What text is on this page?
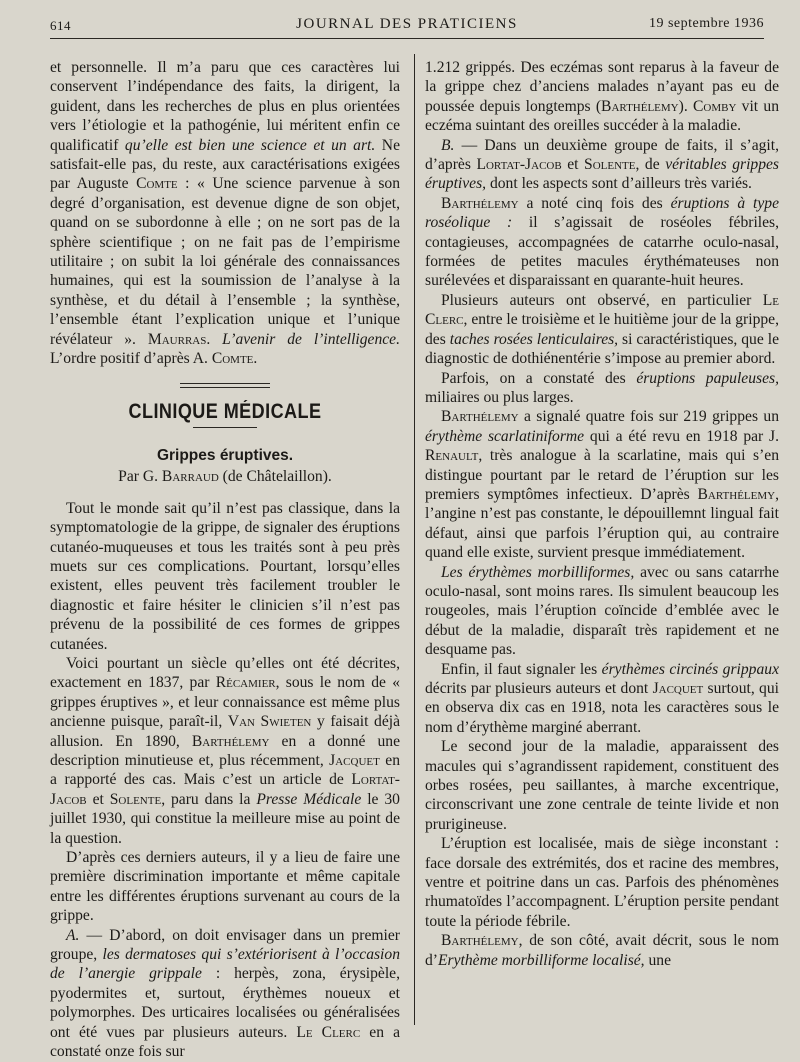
614	JOURNAL DES PRATICIENS	19 septembre 1936

et personnelle. Il m’a paru que ces caractères lui conservent l’indépendance des faits, la dirigent, la guident, dans les recherches de plus en plus orientées vers l’étiologie et la pathogénie, lui méritent enfin ce qualificatif qu’elle est bien une science et un art. Ne satisfait-elle pas, du reste, aux caractérisations exigées par Auguste Comte : « Une science parvenue à son degré d’organisation, est devenue digne de son objet, quand on se subordonne à elle ; on ne sort pas de la sphère scientifique ; on ne fait pas de l’empirisme utilitaire ; on subit la loi générale des connaissances humaines, qui est la soumission de l’analyse à la synthèse, et du détail à l’ensemble ; la synthèse, l’ensemble étant l’explication unique et l’unique révélateur ». Maurras. L’avenir de l’intelligence. L’ordre positif d’après A. Comte.

CLINIQUE MÉDICALE
Grippes éruptives.
Par G. Barraud (de Châtelaillon).

Tout le monde sait qu’il n’est pas classique, dans la symptomatologie de la grippe, de signaler des éruptions cutanéo-muqueuses et tous les traités sont à peu près muets sur ces complications. Pourtant, lorsqu’elles existent, elles peuvent très facilement troubler le diagnostic et faire hésiter le clinicien s’il n’est pas prévenu de la possibilité de ces formes de grippes cutanées.

Voici pourtant un siècle qu’elles ont été décrites, exactement en 1837, par Récamier, sous le nom de « grippes éruptives », et leur connaissance est même plus ancienne puisque, paraît-il, Van Swieten y faisait déjà allusion. En 1890, Barthélemy en a donné une description minutieuse et, plus récemment, Jacquet en a rapporté des cas. Mais c’est un article de Lortat-Jacob et Solente, paru dans la Presse Médicale le 30 juillet 1930, qui constitue la meilleure mise au point de la question.

D’après ces derniers auteurs, il y a lieu de faire une première discrimination importante et même capitale entre les différentes éruptions survenant au cours de la grippe.

A. — D’abord, on doit envisager dans un premier groupe, les dermatoses qui s’extériorisent à l’occasion de l’anergie grippale : herpès, zona, érysipèle, pyodermites et, surtout, érythèmes noueux et polymorphes. Des urticaires localisées ou généralisées ont été vues par plusieurs auteurs. Le Clerc en a constaté onze fois sur

1.212 grippés. Des eczémas sont reparus à la faveur de la grippe chez d’anciens malades n’ayant pas eu de poussée depuis longtemps (Barthélemy). Comby vit un eczéma suintant des oreilles succéder à la maladie.

B. — Dans un deuxième groupe de faits, il s’agit, d’après Lortat-Jacob et Solente, de véritables grippes éruptives, dont les aspects sont d’ailleurs très variés.

Barthélemy a noté cinq fois des éruptions à type roséolique : il s’agissait de roséoles fébriles, contagieuses, accompagnées de catarrhe oculo-nasal, formées de petites macules érythémateuses non surélevées et disparaissant en quarante-huit heures.

Plusieurs auteurs ont observé, en particulier Le Clerc, entre le troisième et le huitième jour de la grippe, des taches rosées lenticulaires, si caractéristiques, que le diagnostic de dothiénentérie s’impose au premier abord.

Parfois, on a constaté des éruptions papuleuses, miliaires ou plus larges.

Barthélemy a signalé quatre fois sur 219 grippes un érythème scarlatiniforme qui a été revu en 1918 par J. Renault, très analogue à la scarlatine, mais qui s’en distingue pourtant par le retard de l’éruption sur les premiers symptômes infectieux. D’après Barthélemy, l’angine n’est pas constante, le dépouillemnt lingual fait défaut, ainsi que parfois l’éruption qui, au contraire quand elle existe, survient presque immédiatement.

Les érythèmes morbilliformes, avec ou sans catarrhe oculo-nasal, sont moins rares. Ils simulent beaucoup les rougeoles, mais l’éruption coïncide d’emblée avec le début de la maladie, disparaît très rapidement et ne desquame pas.

Enfin, il faut signaler les érythèmes circinés grippaux décrits par plusieurs auteurs et dont Jacquet surtout, qui en observa dix cas en 1918, nota les caractères sous le nom d’érythème marginé aberrant.

Le second jour de la maladie, apparaissent des macules qui s’agrandissent rapidement, constituent des orbes rosées, peu saillantes, à marche excentrique, circonscrivant une zone centrale de teinte livide et non prurigineuse.

L’éruption est localisée, mais de siège inconstant : face dorsale des extrémités, dos et racine des membres, ventre et poitrine dans un cas. Parfois des phénomènes rhumatoïdes l’accompagnent. L’éruption persite pendant toute la période fébrile.

Barthélemy, de son côté, avait décrit, sous le nom d’Erythème morbilliforme localisé, une
